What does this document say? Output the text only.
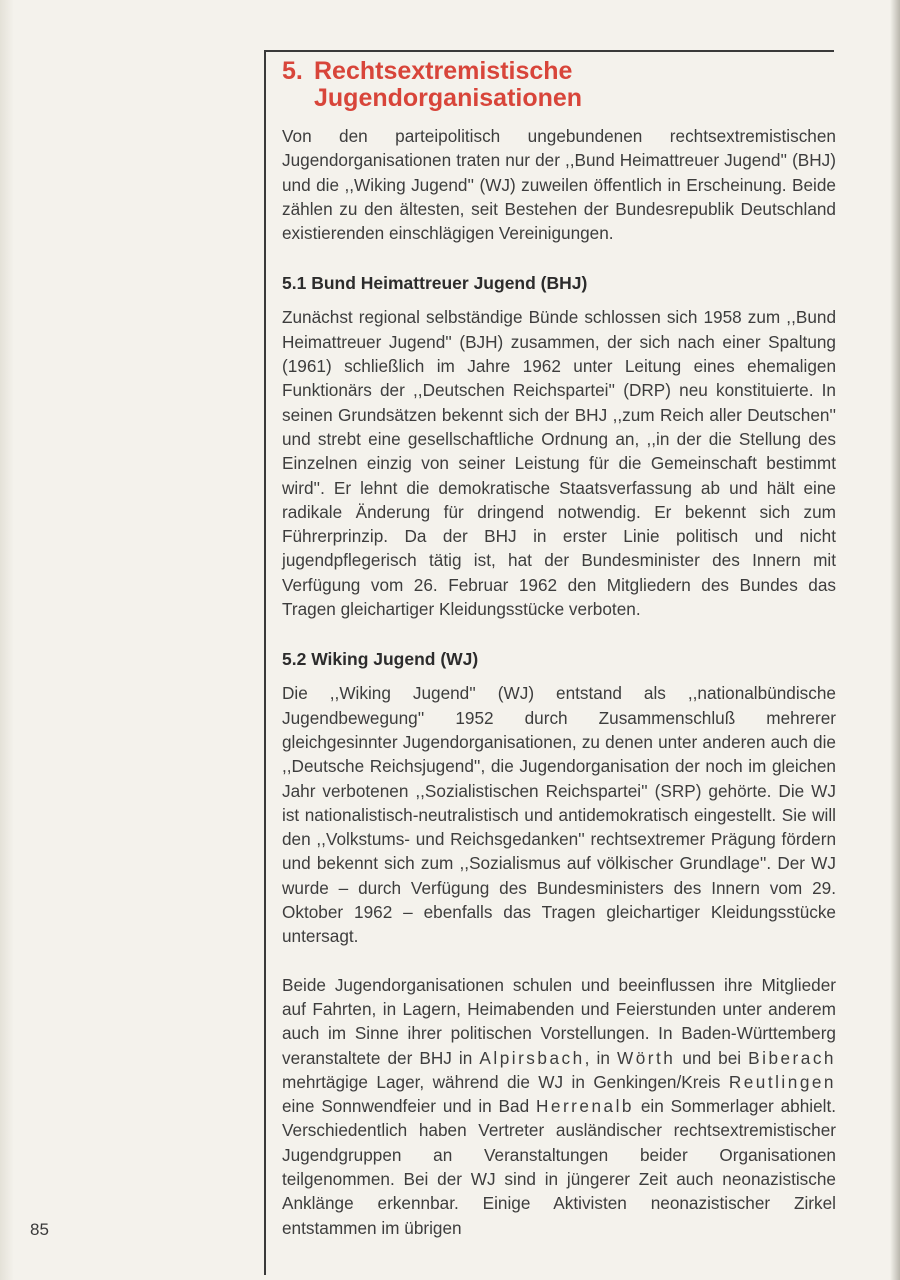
5. Rechtsextremistische
Jugendorganisationen

Von den parteipolitisch ungebundenen rechtsextremistischen Jugendorganisationen traten nur der ,,Bund Heimattreuer Jugend'' (BHJ) und die ,,Wiking Jugend'' (WJ) zuweilen öffentlich in Erscheinung. Beide zählen zu den ältesten, seit Bestehen der Bundesrepublik Deutschland existierenden einschlägigen Vereinigungen.

5.1 Bund Heimattreuer Jugend (BHJ)

Zunächst regional selbständige Bünde schlossen sich 1958 zum ,,Bund Heimattreuer Jugend'' (BJH) zusammen, der sich nach einer Spaltung (1961) schließlich im Jahre 1962 unter Leitung eines ehemaligen Funktionärs der ,,Deutschen Reichspartei'' (DRP) neu konstituierte. In seinen Grundsätzen bekennt sich der BHJ ,,zum Reich aller Deutschen'' und strebt eine gesellschaftliche Ordnung an, ,,in der die Stellung des Einzelnen einzig von seiner Leistung für die Gemeinschaft bestimmt wird''. Er lehnt die demokratische Staatsverfassung ab und hält eine radikale Änderung für dringend notwendig. Er bekennt sich zum Führerprinzip. Da der BHJ in erster Linie politisch und nicht jugendpflegerisch tätig ist, hat der Bundesminister des Innern mit Verfügung vom 26. Februar 1962 den Mitgliedern des Bundes das Tragen gleichartiger Kleidungsstücke verboten.

5.2 Wiking Jugend (WJ)

Die ,,Wiking Jugend'' (WJ) entstand als ,,nationalbündische Jugendbewegung'' 1952 durch Zusammenschluß mehrerer gleichgesinnter Jugendorganisationen, zu denen unter anderen auch die ,,Deutsche Reichsjugend'', die Jugendorganisation der noch im gleichen Jahr verbotenen ,,Sozialistischen Reichspartei'' (SRP) gehörte. Die WJ ist nationalistisch-neutralistisch und antidemokratisch eingestellt. Sie will den ,,Volkstums- und Reichsgedanken'' rechtsextremer Prägung fördern und bekennt sich zum ,,Sozialismus auf völkischer Grundlage''. Der WJ wurde – durch Verfügung des Bundesministers des Innern vom 29. Oktober 1962 – ebenfalls das Tragen gleichartiger Kleidungsstücke untersagt.

Beide Jugendorganisationen schulen und beeinflussen ihre Mitglieder auf Fahrten, in Lagern, Heimabenden und Feierstunden unter anderem auch im Sinne ihrer politischen Vorstellungen. In Baden-Württemberg veranstaltete der BHJ in Alpirsbach, in Wörth und bei Biberach mehrtägige Lager, während die WJ in Genkingen/Kreis Reutlingen eine Sonnwendfeier und in Bad Herrenalb ein Sommerlager abhielt. Verschiedentlich haben Vertreter ausländischer rechtsextremistischer Jugendgruppen an Veranstaltungen beider Organisationen teilgenommen. Bei der WJ sind in jüngerer Zeit auch neonazistische Anklänge erkennbar. Einige Aktivisten neonazistischer Zirkel entstammen im übrigen

85
